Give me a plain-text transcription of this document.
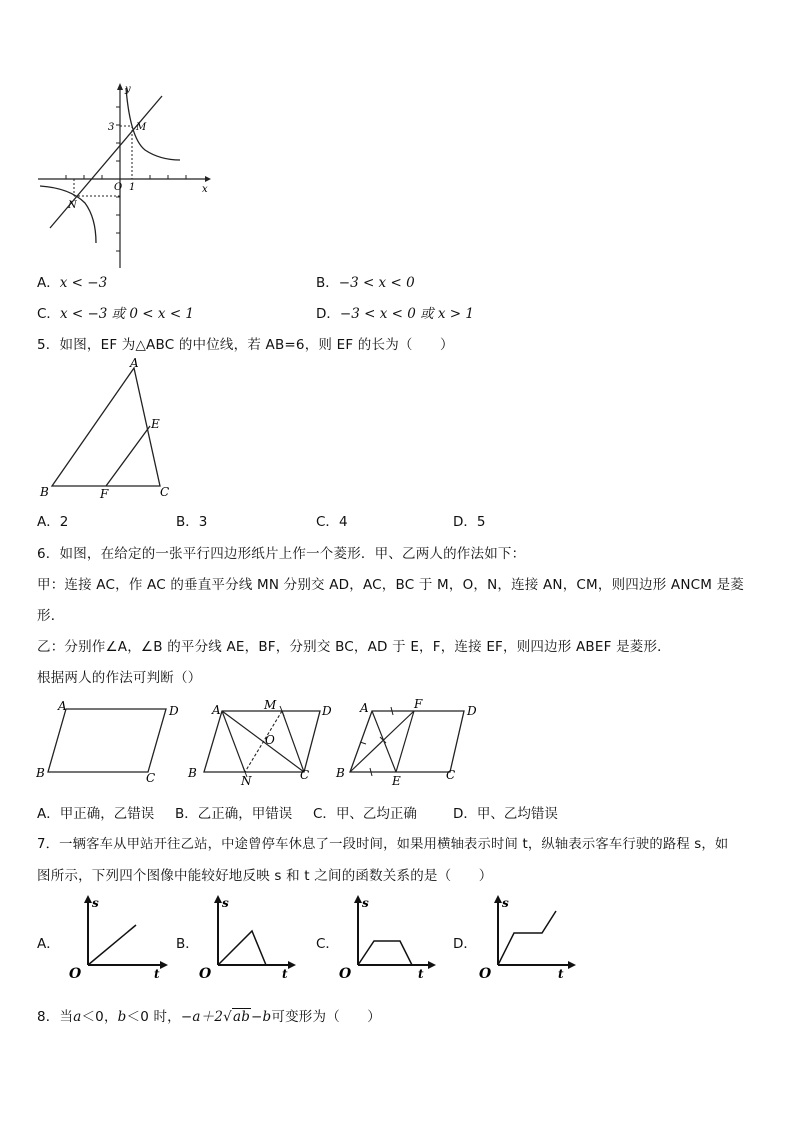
y
x
3
1
O
M
N
A．x < −3	B．−3 < x < 0
C．x < −3 或 0 < x < 1	D．−3 < x < 0 或 x > 1
5．如图，EF 为△ABC 的中位线，若 AB=6，则 EF 的长为（　　）
A
B	C
E
F
A．2	B．3	C．4	D．5
6．如图，在给定的一张平行四边形纸片上作一个菱形．甲、乙两人的作法如下：
甲：连接 AC，作 AC 的垂直平分线 MN 分别交 AD，AC，BC 于 M，O，N，连接 AN，CM，则四边形 ANCM 是菱
形．
乙：分别作∠A，∠B 的平分线 AE，BF，分别交 BC，AD 于 E，F，连接 EF，则四边形 ABEF 是菱形．
根据两人的作法可判断（）
A	D
B	C
A	M	D
O
B
N	C
A	F	D
B
E	C
A．甲正确，乙错误 B．乙正确，甲错误 C．甲、乙均正确	D．甲、乙均错误
7．一辆客车从甲站开往乙站，中途曾停车休息了一段时间，如果用横轴表示时间 t，纵轴表示客车行驶的路程 s，如
图所示，下列四个图像中能较好地反映 s 和 t 之间的函数关系的是（　　）
A．
s
t
O
B．
s
t
O
C．
s
t
O
D．
s
t
O
8．当a＜0，b＜0 时，−a＋2√ab−b可变形为（　　）
